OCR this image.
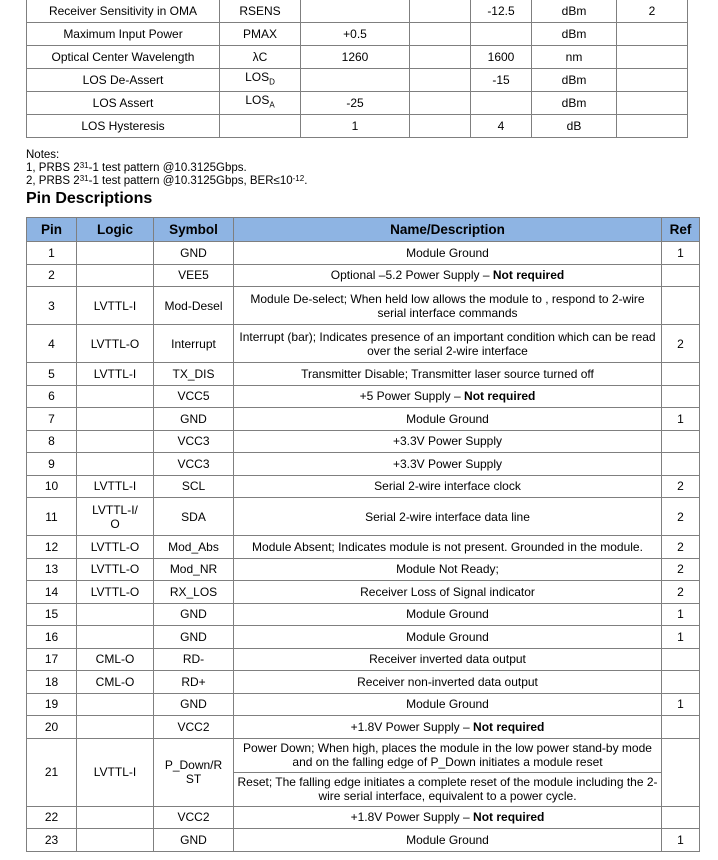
Receiver Sensitivity in OMA	RSENS			-12.5	dBm	2
Maximum Input Power	PMAX	+0.5			dBm	
Optical Center Wavelength	λC	1260		1600	nm	
LOS De-Assert	$LOS_D$			-15	dBm	
LOS Assert	$LOS_A$	-25			dBm	
LOS Hysteresis		1		4	dB	
Notes:
1, PRBS $2^{31}-1$ test pattern @10.3125Gbps.
2, PRBS $2^{31}-1$ test pattern @10.3125Gbps, $BER\le 10^{-12}$.
Pin Descriptions
Pin	Logic	Symbol	Name/Description	Ref
1		GND	Module Ground	1
2		VEE5	Optional –5.2 Power Supply – Not required	
3	LVTTL-I	Mod-Desel	Module De-select; When held low allows the module to , respond to 2-wire serial interface commands	
4	LVTTL-O	Interrupt	Interrupt (bar); Indicates presence of an important condition which can be read over the serial 2-wire interface	2
5	LVTTL-I	TX_DIS	Transmitter Disable; Transmitter laser source turned off	
6		VCC5	+5 Power Supply – Not required	
7		GND	Module Ground	1
8		VCC3	+3.3V Power Supply	
9		VCC3	+3.3V Power Supply	
10	LVTTL-I	SCL	Serial 2-wire interface clock	2
11	LVTTL-I/O	SDA	Serial 2-wire interface data line	2
12	LVTTL-O	Mod_Abs	Module Absent; Indicates module is not present. Grounded in the module.	2
13	LVTTL-O	Mod_NR	Module Not Ready;	2
14	LVTTL-O	RX_LOS	Receiver Loss of Signal indicator	2
15		GND	Module Ground	1
16		GND	Module Ground	1
17	CML-O	RD-	Receiver inverted data output	
18	CML-O	RD+	Receiver non-inverted data output	
19		GND	Module Ground	1
20		VCC2	+1.8V Power Supply – Not required	
21	LVTTL-I	P_Down/RST	Power Down; When high, places the module in the low power stand-by mode and on the falling edge of P_Down initiates a module reset	
			Reset; The falling edge initiates a complete reset of the module including the 2-wire serial interface, equivalent to a power cycle.	
22		VCC2	+1.8V Power Supply – Not required	
23		GND	Module Ground	1
